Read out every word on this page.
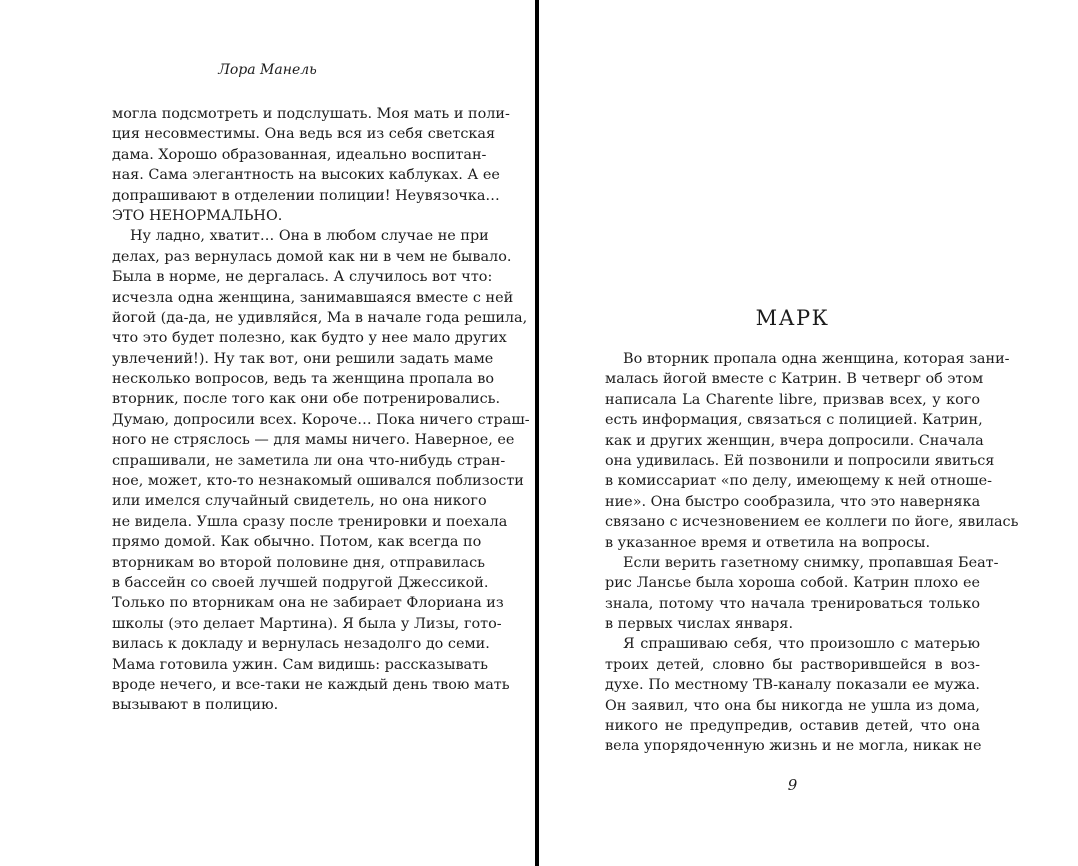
Лора Манель
могла подсмотреть и подслушать. Моя мать и поли-
ция несовместимы. Она ведь вся из себя светская
дама. Хорошо образованная, идеально воспитан-
ная. Сама элегантность на высоких каблуках. А ее
допрашивают в отделении полиции! Неувязочка…
ЭТО НЕНОРМАЛЬНО.
Ну ладно, хватит… Она в любом случае не при
делах, раз вернулась домой как ни в чем не бывало.
Была в норме, не дергалась. А случилось вот что:
исчезла одна женщина, занимавшаяся вместе с ней
йогой (да-да, не удивляйся, Ма в начале года решила,
что это будет полезно, как будто у нее мало других
увлечений!). Ну так вот, они решили задать маме
несколько вопросов, ведь та женщина пропала во
вторник, после того как они обе потренировались.
Думаю, допросили всех. Короче… Пока ничего страш-
ного не стряслось — для мамы ничего. Наверное, ее
спрашивали, не заметила ли она что-нибудь стран-
ное, может, кто-то незнакомый ошивался поблизости
или имелся случайный свидетель, но она никого
не видела. Ушла сразу после тренировки и поехала
прямо домой. Как обычно. Потом, как всегда по
вторникам во второй половине дня, отправилась
в бассейн со своей лучшей подругой Джессикой.
Только по вторникам она не забирает Флориана из
школы (это делает Мартина). Я была у Лизы, гото-
вилась к докладу и вернулась незадолго до семи.
Мама готовила ужин. Сам видишь: рассказывать
вроде нечего, и все-таки не каждый день твою мать
вызывают в полицию.
МАРК
Во вторник пропала одна женщина, которая зани-
малась йогой вместе с Катрин. В четверг об этом
написала La Charente libre, призвав всех, у кого
есть информация, связаться с полицией. Катрин,
как и других женщин, вчера допросили. Сначала
она удивилась. Ей позвонили и попросили явиться
в комиссариат «по делу, имеющему к ней отноше-
ние». Она быстро сообразила, что это наверняка
связано с исчезновением ее коллеги по йоге, явилась
в указанное время и ответила на вопросы.
Если верить газетному снимку, пропавшая Беат-
рис Лансье была хороша собой. Катрин плохо ее
знала, потому что начала тренироваться только
в первых числах января.
Я спрашиваю себя, что произошло с матерью
троих детей, словно бы растворившейся в воз-
духе. По местному ТВ-каналу показали ее мужа.
Он заявил, что она бы никогда не ушла из дома,
никого не предупредив, оставив детей, что она
вела упорядоченную жизнь и не могла, никак не
9
